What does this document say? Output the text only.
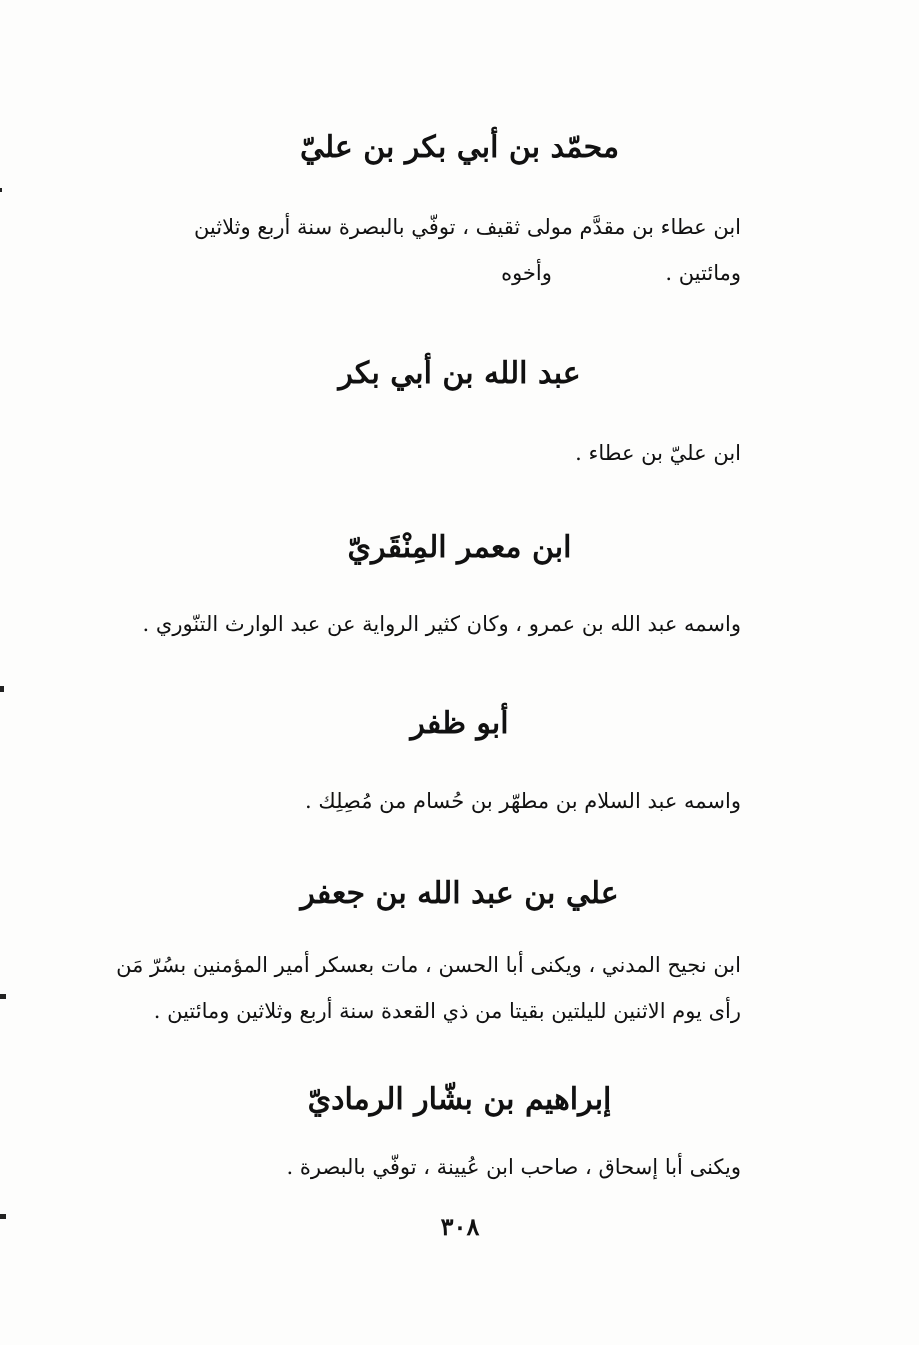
محمّد بن أبي بكر بن عليّ
ابن عطاء بن مقدَّم مولى ثقيف ، توفّي بالبصرة سنة أربع وثلاثين
ومائتين .                 وأخوه
عبد الله بن أبي بكر
ابن عليّ بن عطاء .
ابن معمر المِنْقَريّ
واسمه عبد الله بن عمرو ، وكان كثير الرواية عن عبد الوارث التنّوري .
أبو ظفر
واسمه عبد السلام بن مطهّر بن حُسام من مُصِلِك .
علي بن عبد الله بن جعفر
ابن نجيح المدني ، ويكنى أبا الحسن ، مات بعسكر أمير المؤمنين بسُرّ مَن
رأى يوم الاثنين لليلتين بقيتا من ذي القعدة سنة أربع وثلاثين ومائتين .
إبراهيم بن بشّار الرماديّ
ويكنى أبا إسحاق ، صاحب ابن عُيينة ، توفّي بالبصرة .
٣٠٨
